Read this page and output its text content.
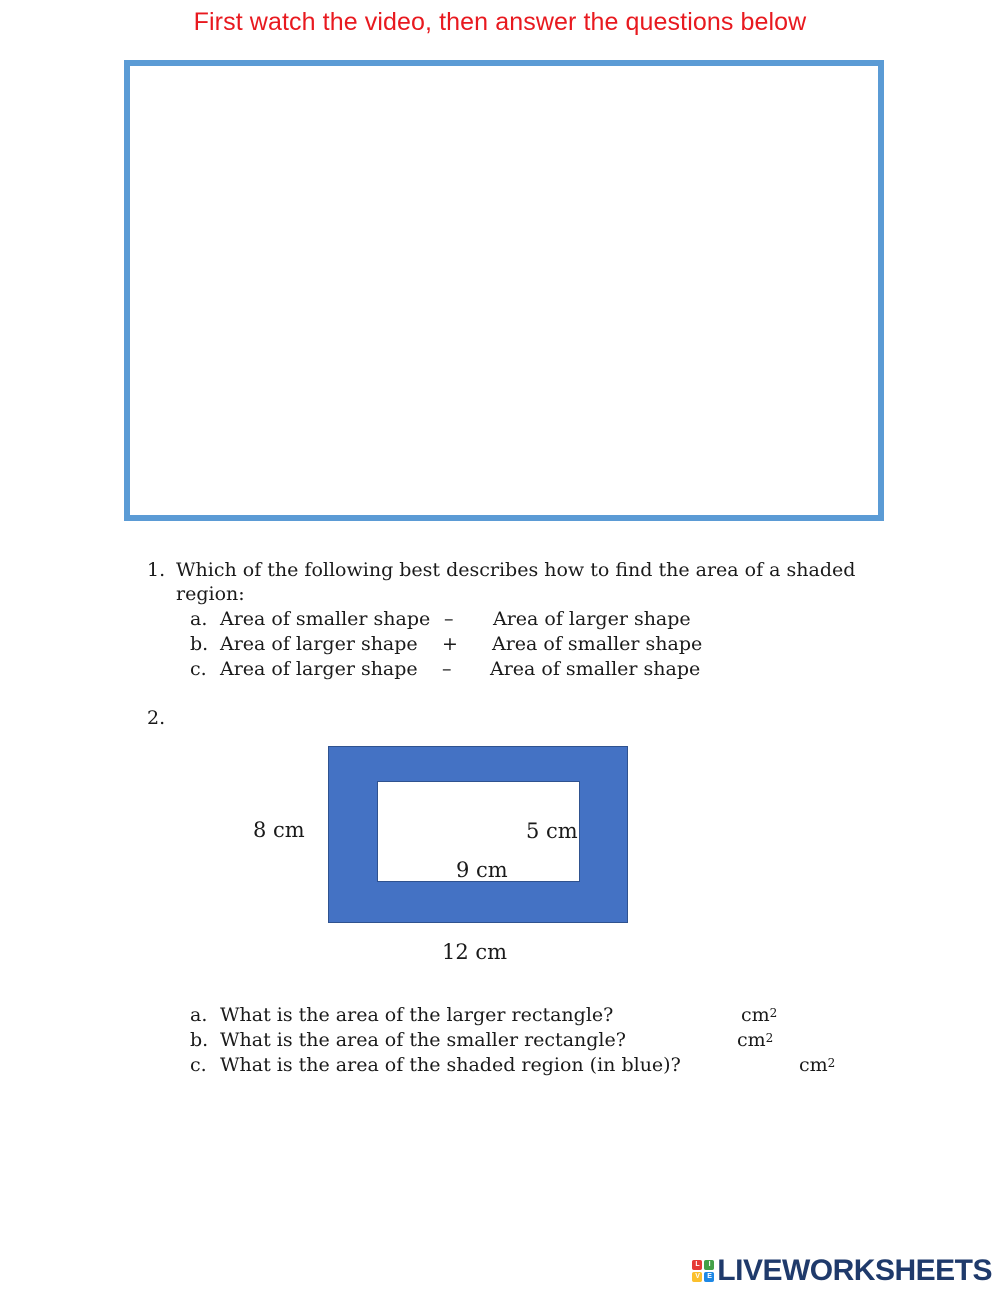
First watch the video, then answer the questions below
1. Which of the following best describes how to find the area of a shaded
region:
a. Area of smaller shape – Area of larger shape
b. Area of larger shape + Area of smaller shape
c. Area of larger shape – Area of smaller shape
2.
8 cm	5 cm
9 cm
12 cm
a. What is the area of the larger rectangle?	$cm^2$
b. What is the area of the smaller rectangle?	$cm^2$
c. What is the area of the shaded region (in blue)?	$cm^2$
L	I
V	E LIVEWORKSHEETS
